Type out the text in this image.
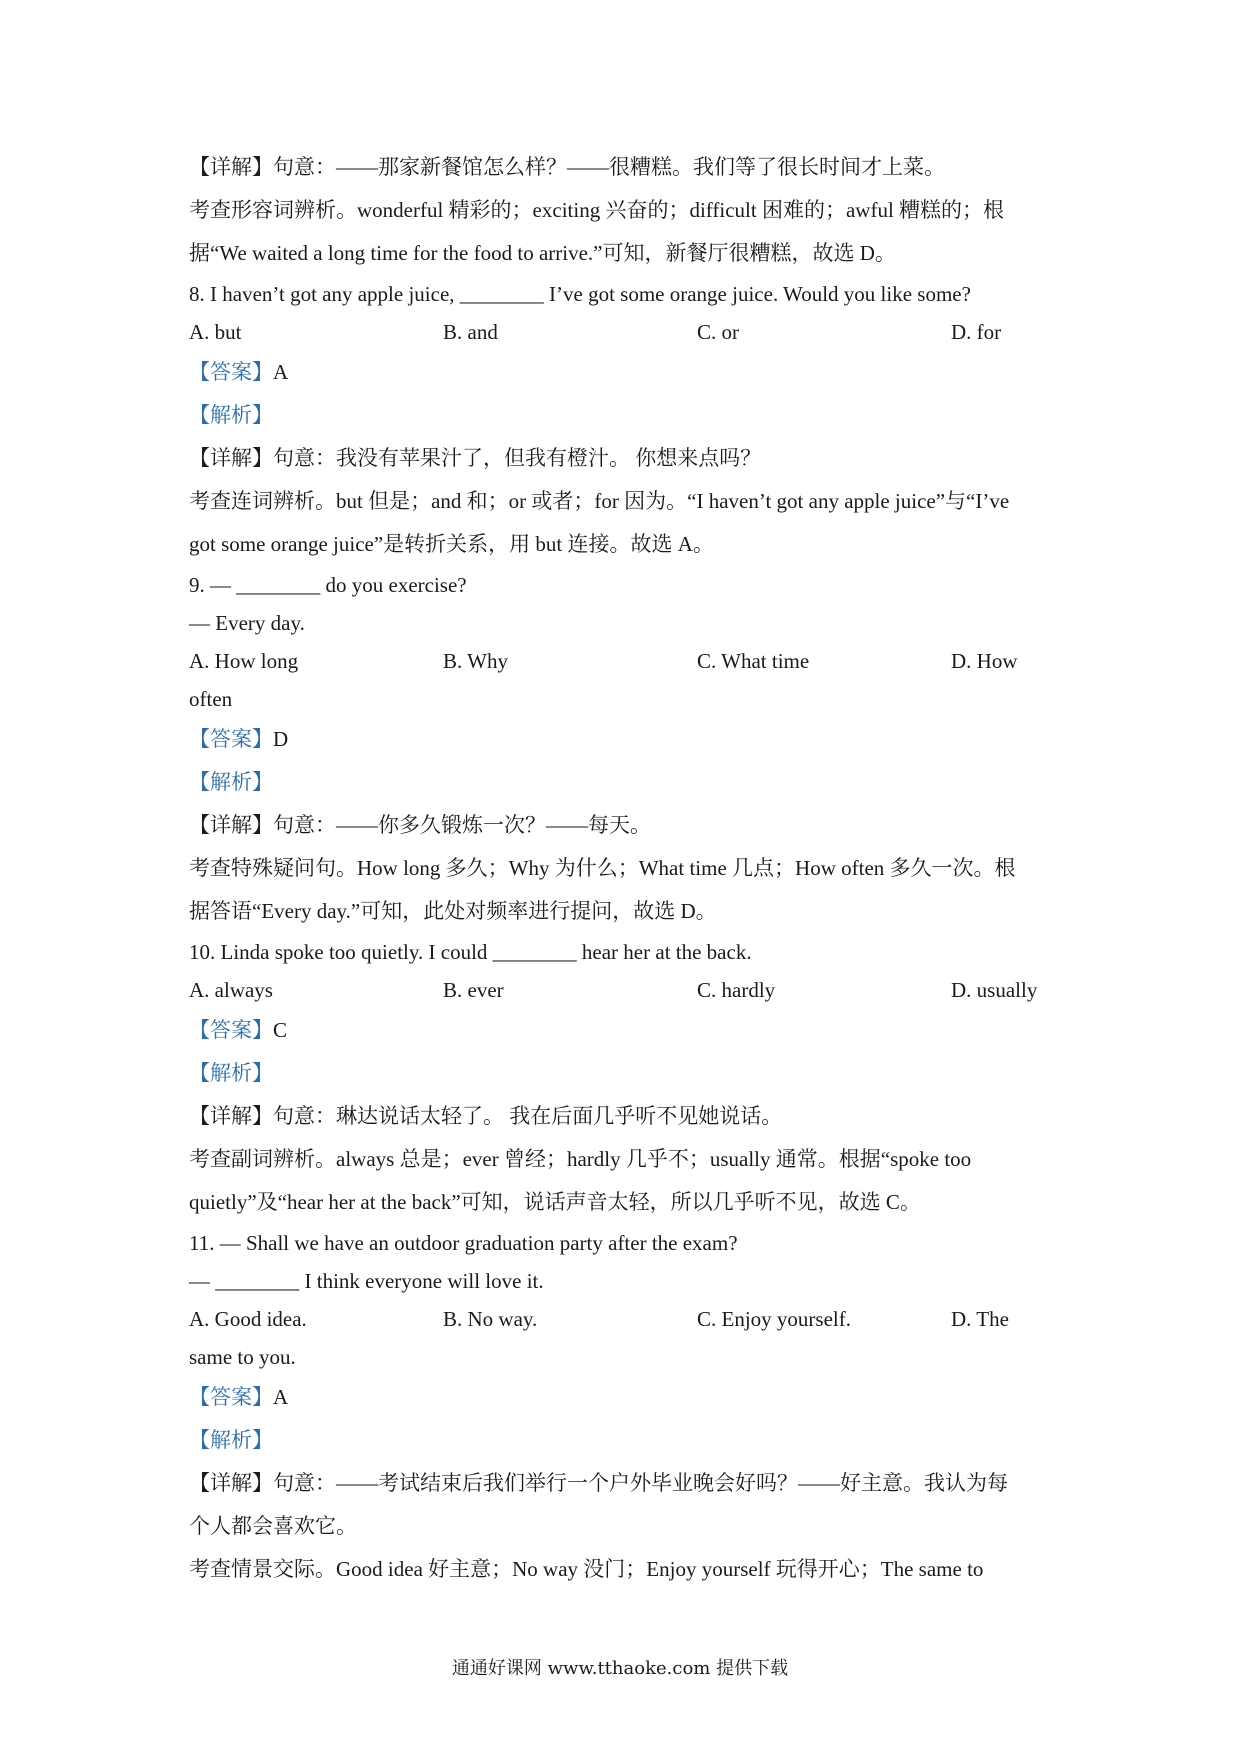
【详解】句意：——那家新餐馆怎么样？——很糟糕。我们等了很长时间才上菜。
考查形容词辨析。wonderful 精彩的；exciting 兴奋的；difficult 困难的；awful 糟糕的；根
据“We waited a long time for the food to arrive.”可知，新餐厅很糟糕，故选 D。
8. I haven’t got any apple juice, ________ I’ve got some orange juice. Would you like some?
A. but	B. and	C. or	D. for
【答案】A
【解析】
【详解】句意：我没有苹果汁了，但我有橙汁。 你想来点吗？
考查连词辨析。but 但是；and 和；or 或者；for 因为。“I haven’t got any apple juice”与“I’ve
got some orange juice”是转折关系，用 but 连接。故选 A。
9. — ________ do you exercise?
— Every day.
A. How long	B. Why	C. What time	D. How
often
【答案】D
【解析】
【详解】句意：——你多久锻炼一次？——每天。
考查特殊疑问句。How long 多久；Why 为什么；What time 几点；How often 多久一次。根
据答语“Every day.”可知，此处对频率进行提问，故选 D。
10. Linda spoke too quietly. I could ________ hear her at the back.
A. always	B. ever	C. hardly	D. usually
【答案】C
【解析】
【详解】句意：琳达说话太轻了。 我在后面几乎听不见她说话。
考查副词辨析。always 总是；ever 曾经；hardly 几乎不；usually 通常。根据“spoke too
quietly”及“hear her at the back”可知，说话声音太轻，所以几乎听不见，故选 C。
11. — Shall we have an outdoor graduation party after the exam?
— ________ I think everyone will love it.
A. Good idea.	B. No way.	C. Enjoy yourself.	D. The
same to you.
【答案】A
【解析】
【详解】句意：——考试结束后我们举行一个户外毕业晚会好吗？——好主意。我认为每
个人都会喜欢它。
考查情景交际。Good idea 好主意；No way 没门；Enjoy yourself 玩得开心；The same to
通通好课网 www.tthaoke.com 提供下载
